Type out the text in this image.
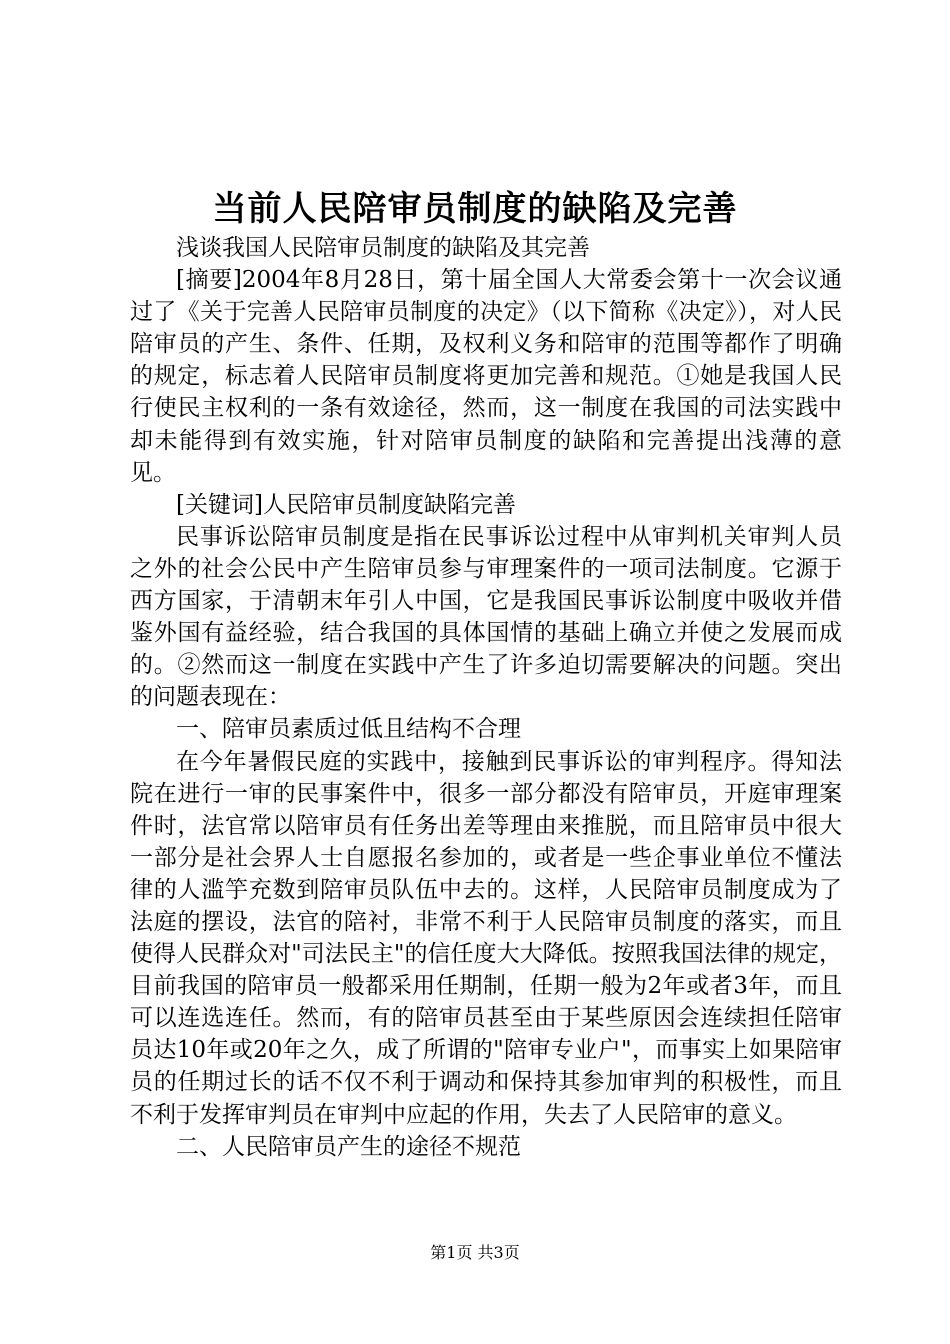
当前人民陪审员制度的缺陷及完善

浅谈我国人民陪审员制度的缺陷及其完善

[摘要]2004年8月28日，第十届全国人大常委会第十一次会议通过了《关于完善人民陪审员制度的决定》（以下简称《决定》），对人民陪审员的产生、条件、任期，及权利义务和陪审的范围等都作了明确的规定，标志着人民陪审员制度将更加完善和规范。①她是我国人民行使民主权利的一条有效途径，然而，这一制度在我国的司法实践中却未能得到有效实施，针对陪审员制度的缺陷和完善提出浅薄的意见。

[关键词]人民陪审员制度缺陷完善

民事诉讼陪审员制度是指在民事诉讼过程中从审判机关审判人员之外的社会公民中产生陪审员参与审理案件的一项司法制度。它源于西方国家，于清朝末年引人中国，它是我国民事诉讼制度中吸收并借鉴外国有益经验，结合我国的具体国情的基础上确立并使之发展而成的。②然而这一制度在实践中产生了许多迫切需要解决的问题。突出的问题表现在：

一、陪审员素质过低且结构不合理

在今年暑假民庭的实践中，接触到民事诉讼的审判程序。得知法院在进行一审的民事案件中，很多一部分都没有陪审员，开庭审理案件时，法官常以陪审员有任务出差等理由来推脱，而且陪审员中很大一部分是社会界人士自愿报名参加的，或者是一些企事业单位不懂法律的人滥竽充数到陪审员队伍中去的。这样，人民陪审员制度成为了法庭的摆设，法官的陪衬，非常不利于人民陪审员制度的落实，而且使得人民群众对"司法民主"的信任度大大降低。按照我国法律的规定，目前我国的陪审员一般都采用任期制，任期一般为2年或者3年，而且可以连选连任。然而，有的陪审员甚至由于某些原因会连续担任陪审员达10年或20年之久，成了所谓的"陪审专业户"，而事实上如果陪审员的任期过长的话不仅不利于调动和保持其参加审判的积极性，而且不利于发挥审判员在审判中应起的作用，失去了人民陪审的意义。

二、人民陪审员产生的途径不规范

第1页 共3页
